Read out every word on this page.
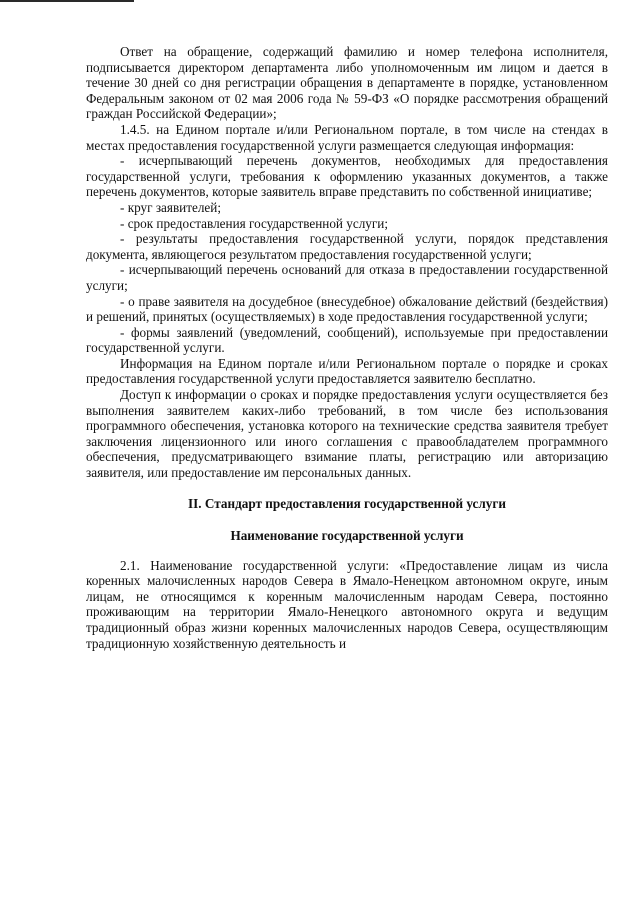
Ответ на обращение, содержащий фамилию и номер телефона исполнителя, подписывается директором департамента либо уполномоченным им лицом и дается в течение 30 дней со дня регистрации обращения в департаменте в порядке, установленном Федеральным законом от 02 мая 2006 года № 59-ФЗ «О порядке рассмотрения обращений граждан Российской Федерации»;

1.4.5. на Едином портале и/или Региональном портале, в том числе на стендах в местах предоставления государственной услуги размещается следующая информация:

- исчерпывающий перечень документов, необходимых для предоставления государственной услуги, требования к оформлению указанных документов, а также перечень документов, которые заявитель вправе представить по собственной инициативе;

- круг заявителей;

- срок предоставления государственной услуги;

- результаты предоставления государственной услуги, порядок представления документа, являющегося результатом предоставления государственной услуги;

- исчерпывающий перечень оснований для отказа в предоставлении государственной услуги;

- о праве заявителя на досудебное (внесудебное) обжалование действий (бездействия) и решений, принятых (осуществляемых) в ходе предоставления государственной услуги;

- формы заявлений (уведомлений, сообщений), используемые при предоставлении государственной услуги.

Информация на Едином портале и/или Региональном портале о порядке и сроках предоставления государственной услуги предоставляется заявителю бесплатно.

Доступ к информации о сроках и порядке предоставления услуги осуществляется без выполнения заявителем каких-либо требований, в том числе без использования программного обеспечения, установка которого на технические средства заявителя требует заключения лицензионного или иного соглашения с правообладателем программного обеспечения, предусматривающего взимание платы, регистрацию или авторизацию заявителя, или предоставление им персональных данных.

II. Стандарт предоставления государственной услуги

Наименование государственной услуги

2.1. Наименование государственной услуги: «Предоставление лицам из числа коренных малочисленных народов Севера в Ямало-Ненецком автономном округе, иным лицам, не относящимся к коренным малочисленным народам Севера, постоянно проживающим на территории Ямало-Ненецкого автономного округа и ведущим традиционный образ жизни коренных малочисленных народов Севера, осуществляющим традиционную хозяйственную деятельность и
